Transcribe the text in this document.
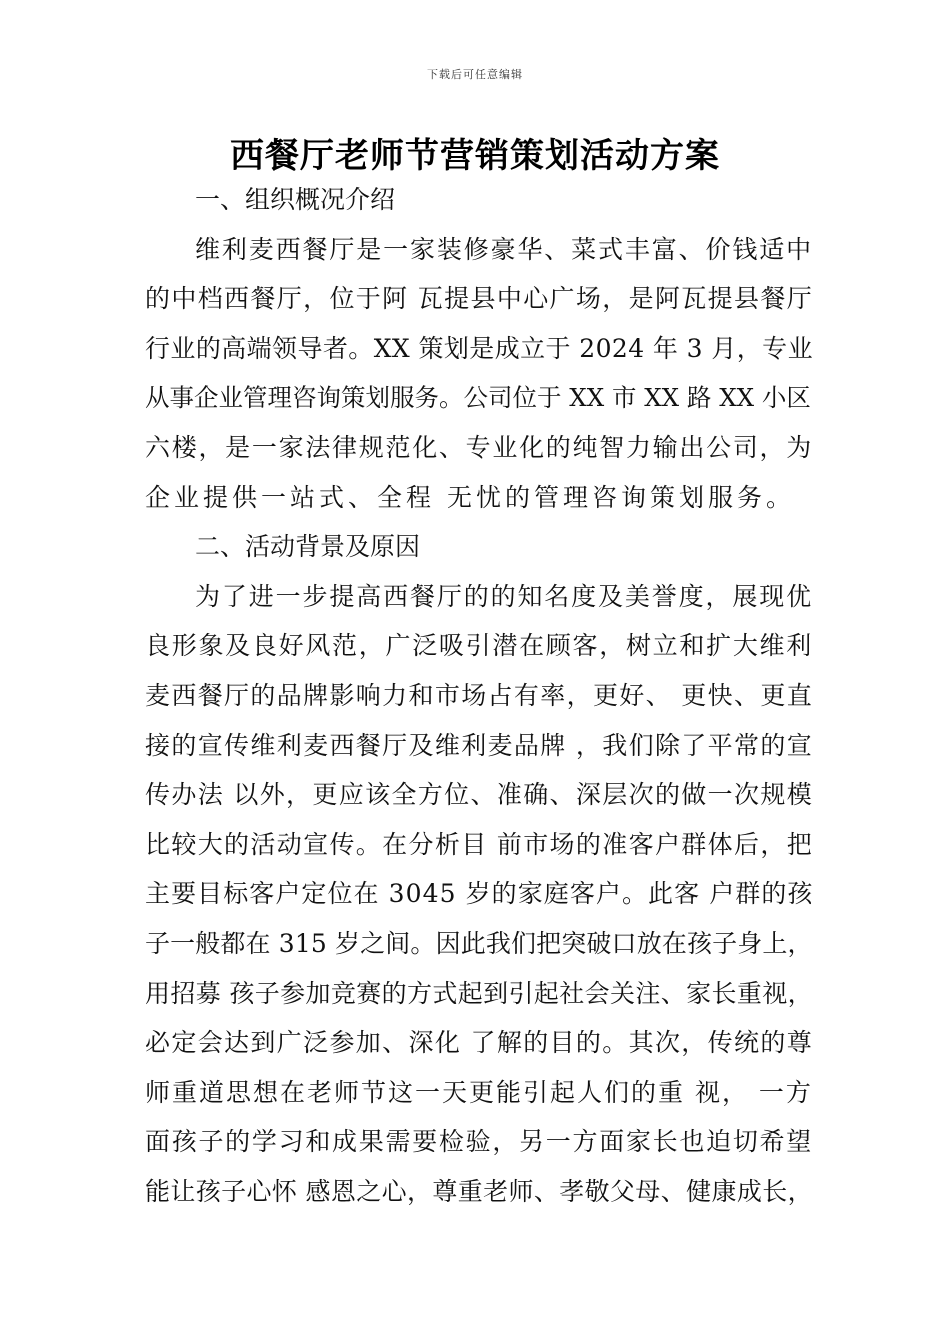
下载后可任意编辑
西餐厅老师节营销策划活动方案
一、组织概况介绍
维利麦西餐厅是一家装修豪华、菜式丰富、价钱适中
的中档西餐厅，位于阿 瓦提县中心广场，是阿瓦提县餐厅
行业的高端领导者。XX 策划是成立于 2024 年 3 月，专业
从事企业管理咨询策划服务。公司位于 XX 市 XX 路 XX 小区
六楼，是一家法律规范化、专业化的纯智力输出公司，为
企业提供一站式、全程 无忧的管理咨询策划服务。
二、活动背景及原因
为了进一步提高西餐厅的的知名度及美誉度，展现优
良形象及良好风范，广泛吸引潜在顾客，树立和扩大维利
麦西餐厅的品牌影响力和市场占有率，更好、 更快、更直
接的宣传维利麦西餐厅及维利麦品牌 ，我们除了平常的宣
传办法 以外，更应该全方位、准确、深层次的做一次规模
比较大的活动宣传。在分析目 前市场的准客户群体后，把
主要目标客户定位在 3045 岁的家庭客户。此客 户群的孩
子一般都在 315 岁之间。因此我们把突破口放在孩子身上，
用招募 孩子参加竞赛的方式起到引起社会关注、家长重视，
必定会达到广泛参加、深化 了解的目的。其次，传统的尊
师重道思想在老师节这一天更能引起人们的重 视， 一方
面孩子的学习和成果需要检验，另一方面家长也迫切希望
能让孩子心怀 感恩之心，尊重老师、孝敬父母、健康成长，
